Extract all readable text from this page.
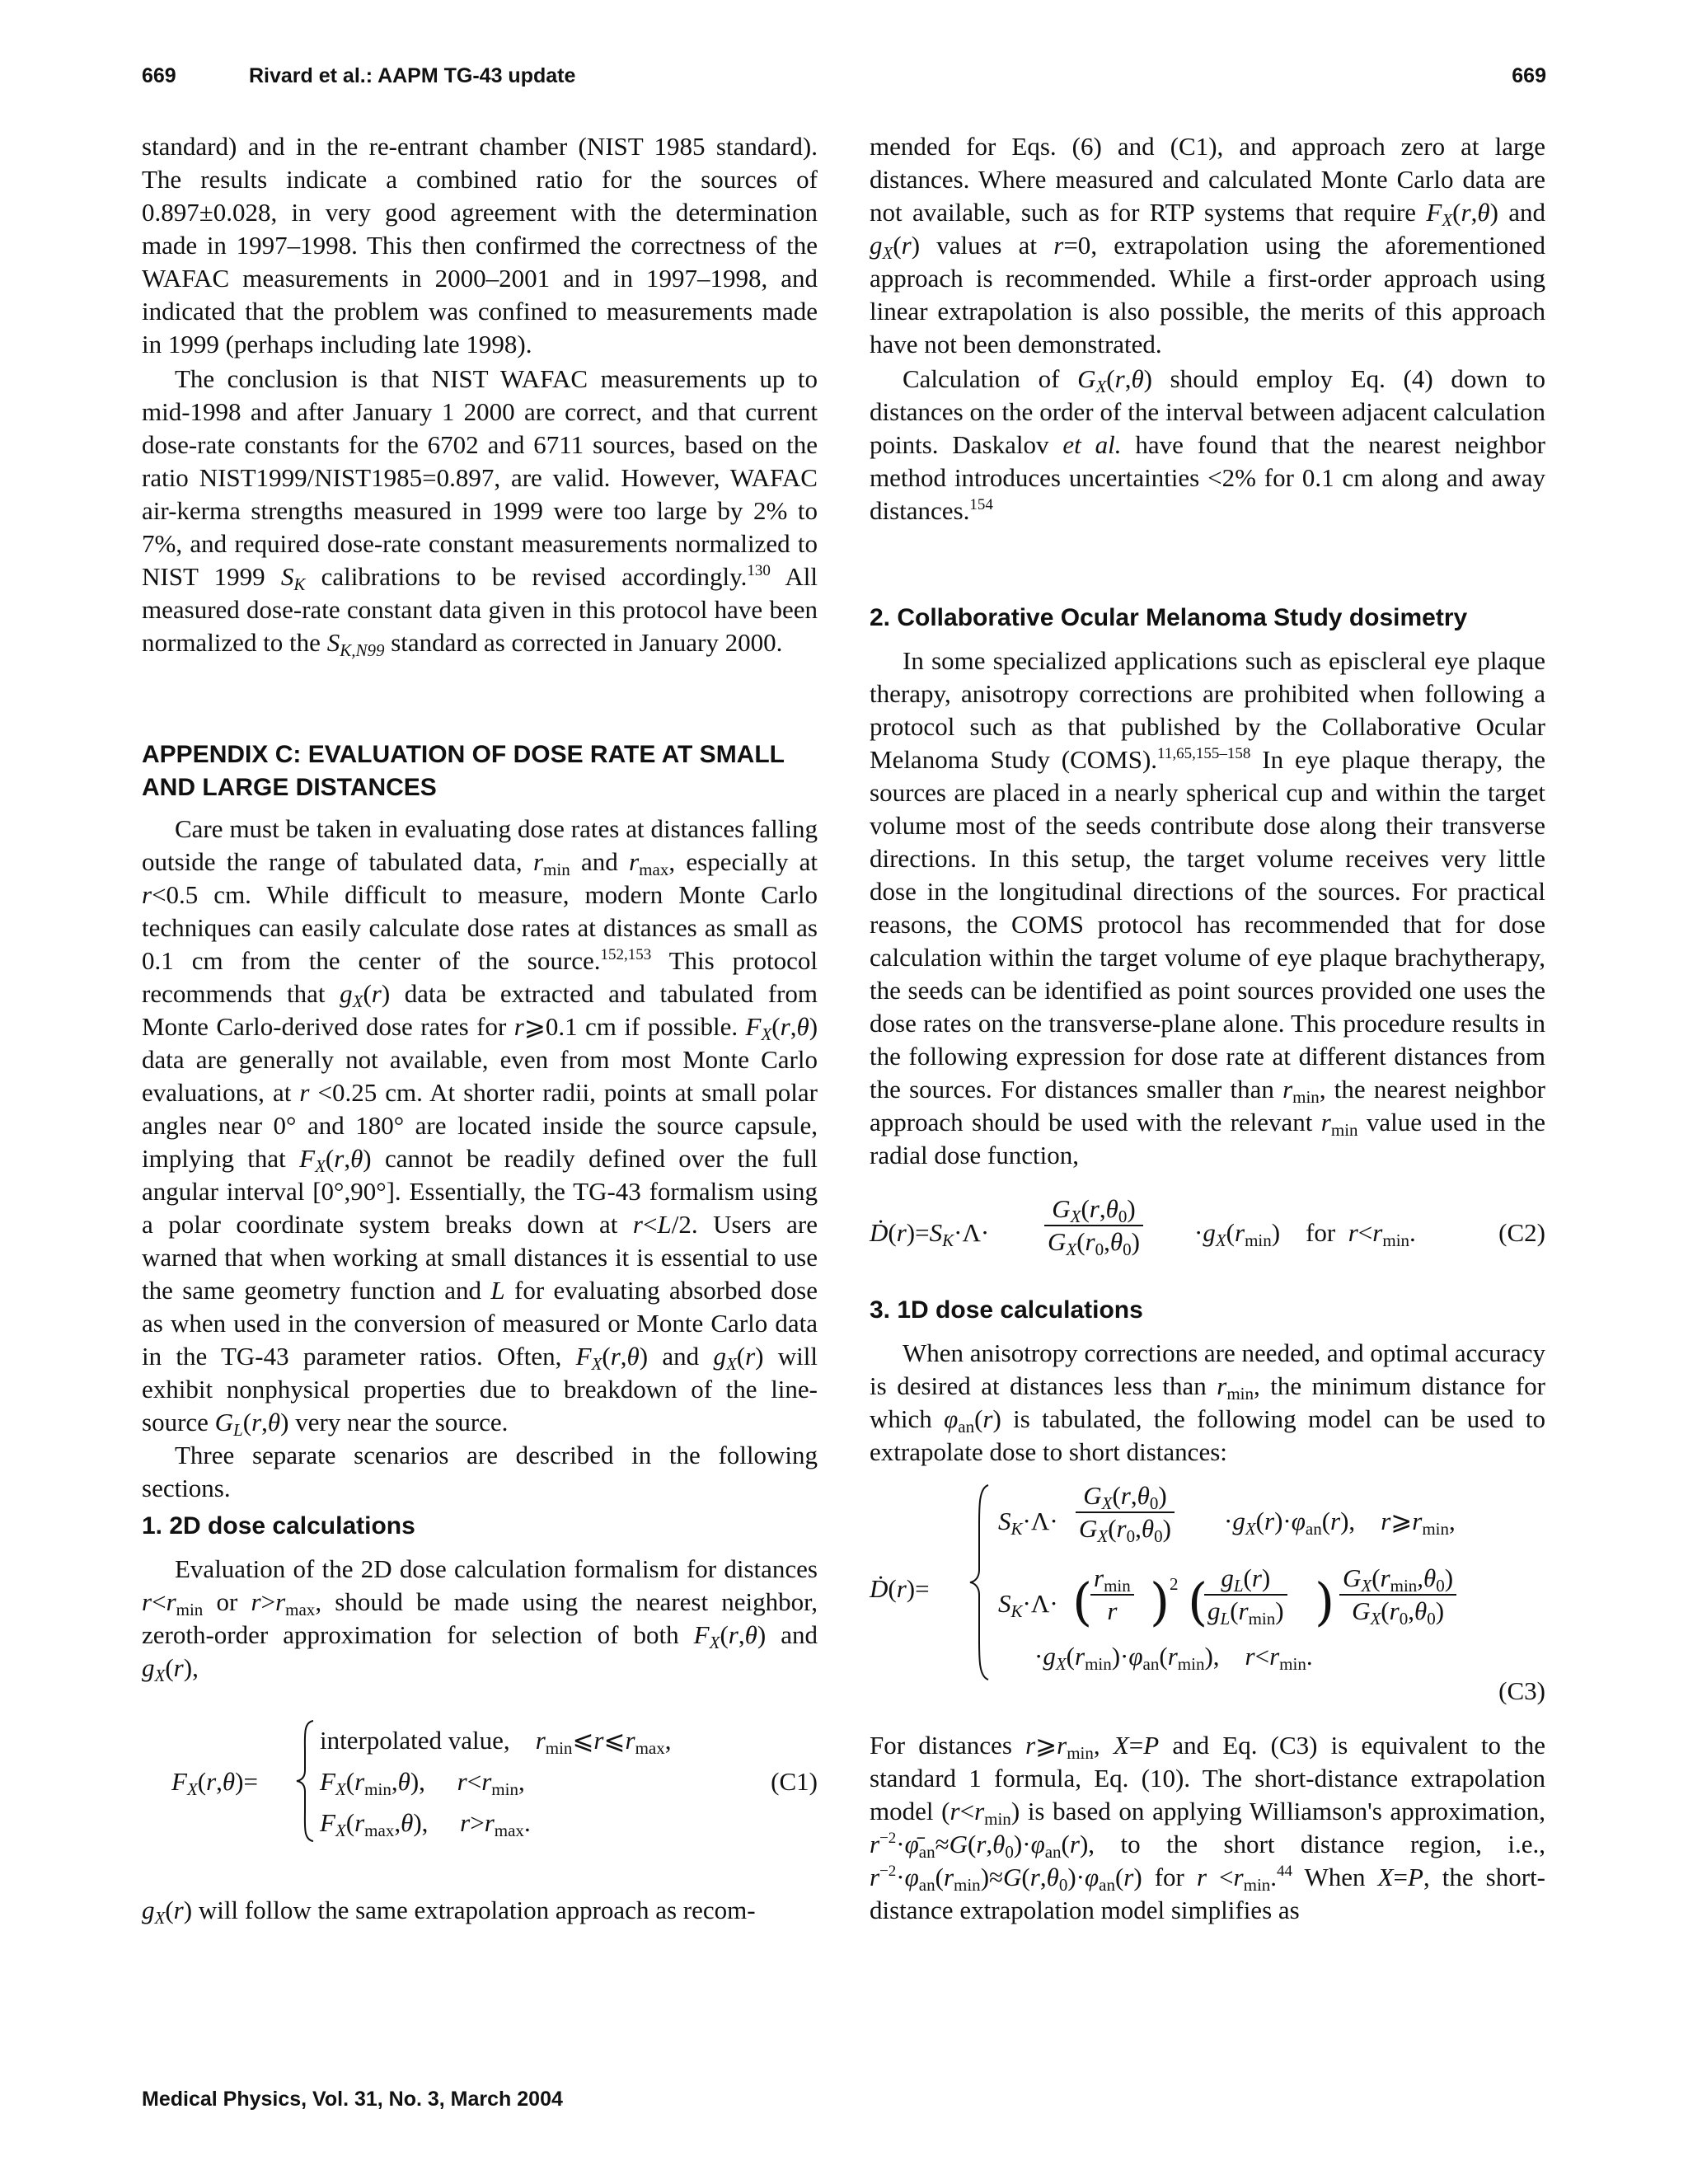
669	Rivard et al.: AAPM TG-43 update	669

standard) and in the re-entrant chamber (NIST 1985 standard). The results indicate a combined ratio for the sources of 0.897±0.028, in very good agreement with the determination made in 1997–1998. This then confirmed the correctness of the WAFAC measurements in 2000–2001 and in 1997–1998, and indicated that the problem was confined to measurements made in 1999 (perhaps including late 1998).

The conclusion is that NIST WAFAC measurements up to mid-1998 and after January 1 2000 are correct, and that current dose-rate constants for the 6702 and 6711 sources, based on the ratio NIST1999/NIST1985=0.897, are valid. However, WAFAC air-kerma strengths measured in 1999 were too large by 2% to 7%, and required dose-rate constant measurements normalized to NIST 1999 $S_K$ calibrations to be revised accordingly.$^{130}$ All measured dose-rate constant data given in this protocol have been normalized to the $S_{K,N99}$ standard as corrected in January 2000.

APPENDIX C: EVALUATION OF DOSE RATE AT SMALL AND LARGE DISTANCES

Care must be taken in evaluating dose rates at distances falling outside the range of tabulated data, $r_{min}$ and $r_{max}$, especially at r<0.5 cm. While difficult to measure, modern Monte Carlo techniques can easily calculate dose rates at distances as small as 0.1 cm from the center of the source.$^{152,153}$ This protocol recommends that $g_X(r)$ data be extracted and tabulated from Monte Carlo-derived dose rates for r⩾0.1 cm if possible. $F_X(r,\theta)$ data are generally not available, even from most Monte Carlo evaluations, at r <0.25 cm. At shorter radii, points at small polar angles near 0° and 180° are located inside the source capsule, implying that $F_X(r,\theta)$ cannot be readily defined over the full angular interval [0°,90°]. Essentially, the TG-43 formalism using a polar coordinate system breaks down at r<L/2. Users are warned that when working at small distances it is essential to use the same geometry function and L for evaluating absorbed dose as when used in the conversion of measured or Monte Carlo data in the TG-43 parameter ratios. Often, $F_X(r,\theta)$ and $g_X(r)$ will exhibit nonphysical properties due to breakdown of the line-source $G_L(r,\theta)$ very near the source.

Three separate scenarios are described in the following sections.

1. 2D dose calculations

Evaluation of the 2D dose calculation formalism for distances $r<r_{min}$ or $r>r_{max}$, should be made using the nearest neighbor, zeroth-order approximation for selection of both $F_X(r,\theta)$ and $g_X(r)$,

$F_X(r,\theta)=$
interpolated value, $r_{min}⩽r⩽r_{max}$,
$F_X(r_{min},\theta)$,     $r<r_{min}$,
$F_X(r_{max},\theta)$,     $r>r_{max}$.
(C1)

$g_X(r)$ will follow the same extrapolation approach as recom-

mended for Eqs. (6) and (C1), and approach zero at large distances. Where measured and calculated Monte Carlo data are not available, such as for RTP systems that require $F_X(r,\theta)$ and $g_X(r)$ values at r=0, extrapolation using the aforementioned approach is recommended. While a first-order approach using linear extrapolation is also possible, the merits of this approach have not been demonstrated.

Calculation of $G_X(r,\theta)$ should employ Eq. (4) down to distances on the order of the interval between adjacent calculation points. Daskalov et al. have found that the nearest neighbor method introduces uncertainties <2% for 0.1 cm along and away distances.$^{154}$

2. Collaborative Ocular Melanoma Study dosimetry

In some specialized applications such as episcleral eye plaque therapy, anisotropy corrections are prohibited when following a protocol such as that published by the Collaborative Ocular Melanoma Study (COMS).$^{11,65,155-158}$ In eye plaque therapy, the sources are placed in a nearly spherical cup and within the target volume most of the seeds contribute dose along their transverse directions. In this setup, the target volume receives very little dose in the longitudinal directions of the sources. For practical reasons, the COMS protocol has recommended that for dose calculation within the target volume of eye plaque brachytherapy, the seeds can be identified as point sources provided one uses the dose rates on the transverse-plane alone. This procedure results in the following expression for dose rate at different distances from the sources. For distances smaller than $r_{min}$, the nearest neighbor approach should be used with the relevant $r_{min}$ value used in the radial dose function,

$Ḋ(r)=S_K\cdot\Lambda\cdot \frac{G_X(r,\theta_0)}{G_X(r_0,\theta_0)} \cdot g_X(r_{min})$    for $r<r_{min}$.	(C2)
3. 1D dose calculations

When anisotropy corrections are needed, and optimal accuracy is desired at distances less than $r_{min}$, the minimum distance for which $\varphi_{an}(r)$ is tabulated, the following model can be used to extrapolate dose to short distances:

Ḋ(r)=
$S_K\cdot\Lambda\cdot \frac{G_X(r,\theta_0)}{G_X(r_0,\theta_0)} \cdot g_X(r)\cdot\varphi_{an}(r)$,    $r⩾r_{min}$,
$S_K\cdot\Lambda\cdot$ ( $r_{min}$
r ) 2 ( $g_L(r)$
$g_L(r_{min})$ ) $G_X(r_{min},\theta_0)$
$G_X(r_0,\theta_0)$
$\cdot g_X(r_{min})\cdot\varphi_{an}(r_{min})$,    $r<r_{min}$.
(C3)

For distances $r⩾r_{min}$, X=P and Eq. (C3) is equivalent to the standard 1 formula, Eq. (10). The short-distance extrapolation model $(r<r_{min})$ is based on applying Williamson's approximation, $r^{-2}\cdot\varphī_{an}\approx G(r,\theta_0)\cdot\varphi_{an}(r)$, to the short distance region, i.e., $r^{-2}\cdot\varphi_{an}(r_{min})\approx G(r,\theta_0)\cdot\varphi_{an}(r)$ for $r <r_{min}.^{44}$ When X=P, the short-distance extrapolation model simplifies as

Medical Physics, Vol. 31, No. 3, March 2004
